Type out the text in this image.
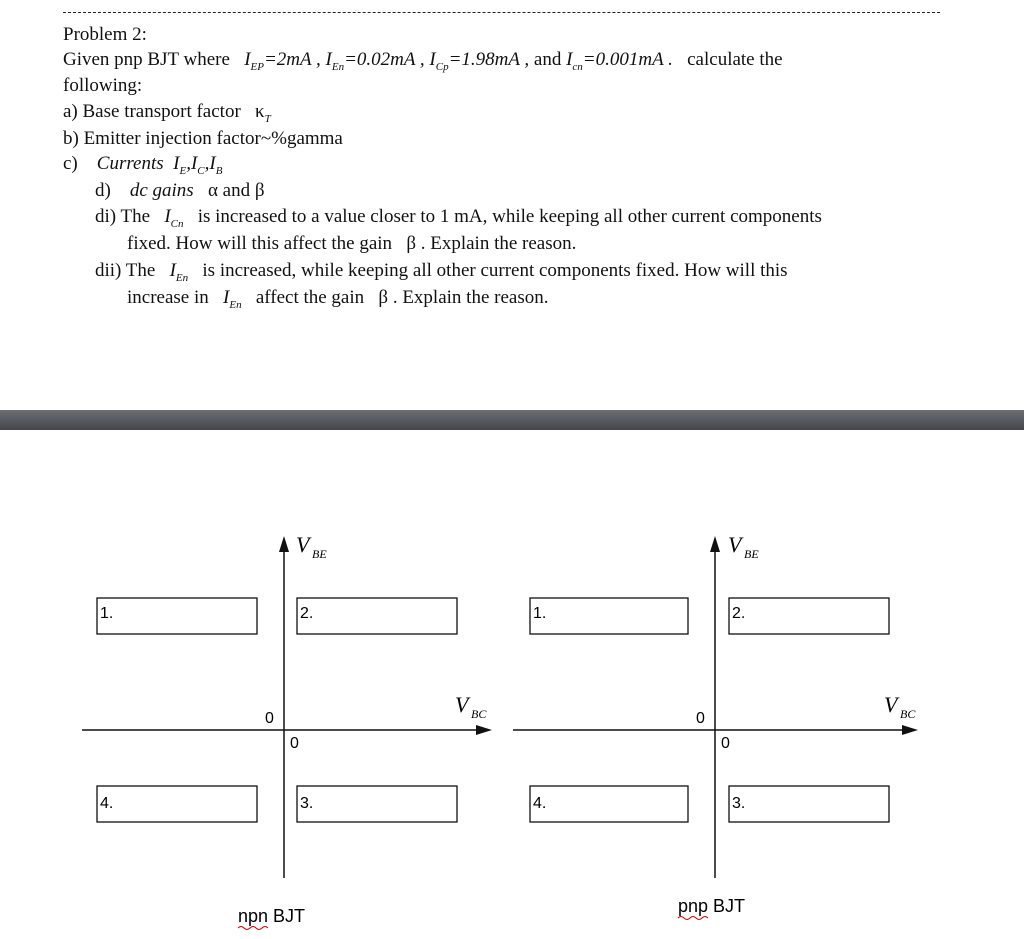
Problem 2:
Given pnp BJT where $I_{EP}=2mA$ , $I_{En}=0.02mA$ , $I_{Cp}=1.98mA$ , and $I_{cn}=0.001mA$ . calculate the
following:
a) Base transport factor $\kappa_T$
b) Emitter injection factor~%gamma
c) Currents $I_E,I_C,I_B$
d) dc gains α and β
di) The $I_{Cn}$ is increased to a value closer to 1 mA, while keeping all other current components
fixed. How will this affect the gain β . Explain the reason.
dii) The $I_{En}$ is increased, while keeping all other current components fixed. How will this
increase in $I_{En}$ affect the gain β . Explain the reason.
V BE
V BC
0
0
1.	2.
3.
4.
npn BJT
V BE
V BC
0
0
1.	2.
3.
4.
pnp BJT
